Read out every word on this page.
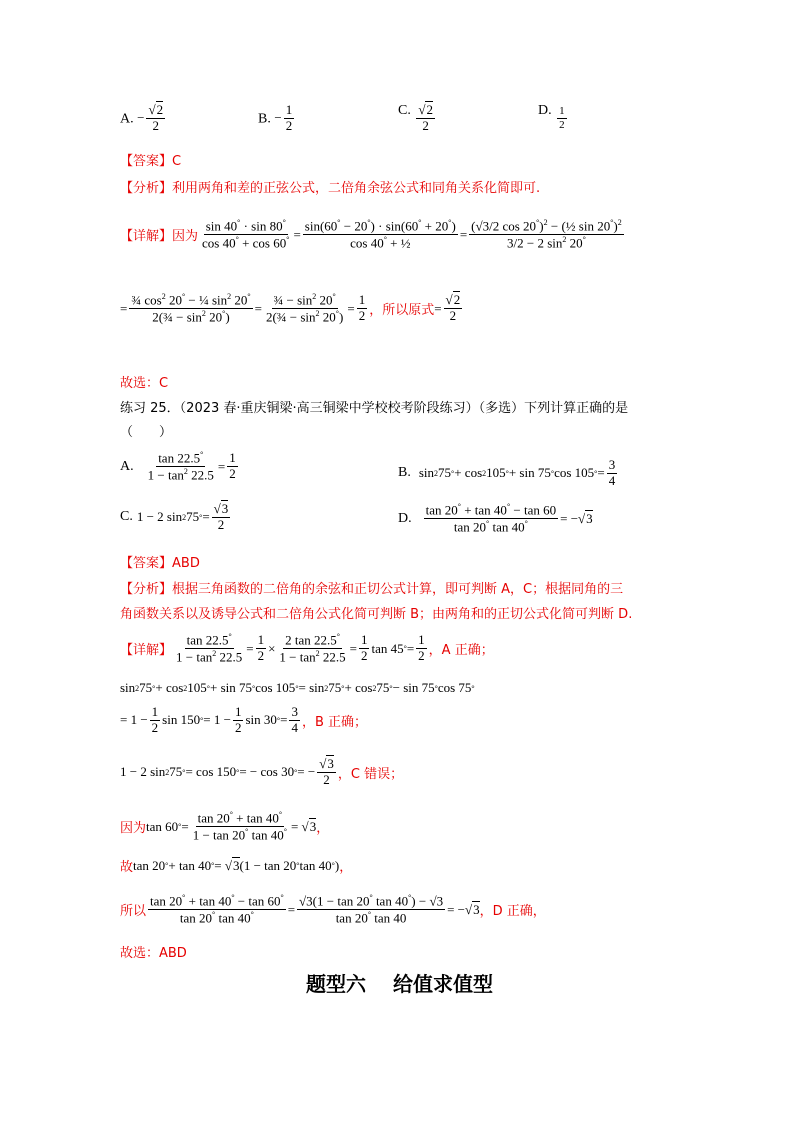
A. − $\frac{√2}{2}$	B. − $\frac{1}{2}$	C. $\frac{√2}{2}$	D. $\frac{1}{2}$
【答案】C
【分析】利用两角和差的正弦公式，二倍角余弦公式和同角关系化简即可.
【详解】 因为 $\frac{\sin 40^\circ \cdot \sin 80^\circ}{\cos 40^\circ + \cos 60^\circ} = \frac{\sin(60^\circ - 20^\circ) \cdot \sin(60^\circ + 20^\circ)}{\cos 40^\circ + \frac{1}{2}} = \frac{(√3/2 \cos 20^\circ)^2 - (\frac{1}{2} \sin 20^\circ)^2}{3/2 - 2 \sin^2 20^\circ}$
= $\frac{\frac{3}{4} \cos^2 20^\circ - \frac{1}{4} \sin^2 20^\circ}{2(\frac{3}{4} - \sin^2 20^\circ)} = \frac{\frac{3}{4} - \sin^2 20^\circ}{2(\frac{3}{4} - \sin^2 20^\circ)} = \frac{1}{2}$ ，所以原式 = $\frac{√2}{2}$
故选：C
练习 25．（2023 春·重庆铜梁·高三铜梁中学校校考阶段练习）（多选）下列计算正确的是
（　　）
A. $\frac{\tan 22.5^\circ}{1 - \tan^2 22.5} = \frac{1}{2}$	B. sin 2 75 ° + cos 2 105 ° + sin 75 ° cos 105 ° = $\frac{3}{4}$
C. 1 − 2 sin 2 75 ° = $\frac{√3}{2}$	D. $\frac{\tan 20^\circ + \tan 40^\circ - \tan 60}{\tan 20^\circ \tan 40^\circ}$ = −√ 3
【答案】ABD
【分析】根据三角函数的二倍角的余弦和正切公式计算，即可判断 A，C；根据同角的三
角函数关系以及诱导公式和二倍角公式化简可判断 B；由两角和的正切公式化简可判断 D.
【详解】 $\frac{\tan 22.5^\circ}{1 - \tan^2 22.5} = \frac{1}{2} \times \frac{2 \tan 22.5^\circ}{1 - \tan^2 22.5} = \frac{1}{2}$ tan 45 ° = $\frac{1}{2}$ ，A 正确；
sin 2 75 ° + cos 2 105 ° + sin 75 ° cos 105 ° = sin 2 75 ° + cos 2 75 ° − sin 75 ° cos 75 °
= $1 - \frac{1}{2}$ sin 150 ° = $1 - \frac{1}{2}$ sin 30 ° = $\frac{3}{4}$ ，B 正确；
1 − 2 sin 2 75 ° = cos 150 ° = − cos 30 ° = − $\frac{√3}{2}$ ，C 错误；
因为 tan 60 ° = $\frac{\tan 20^\circ + \tan 40^\circ}{1 - \tan 20^\circ \tan 40^\circ}$ = √ 3 ，
故 tan 20 ° + tan 40 ° = √ 3 (1 − tan 20 ° tan 40 ° ) ，
所以 $\frac{\tan 20^\circ + \tan 40^\circ - \tan 60^\circ}{\tan 20^\circ \tan 40^\circ} = \frac{√3(1 - \tan 20^\circ \tan 40^\circ) - √3}{\tan 20^\circ \tan 40}$ = −√ 3 ，D 正确，
故选：ABD
题型六　 给值求值型
